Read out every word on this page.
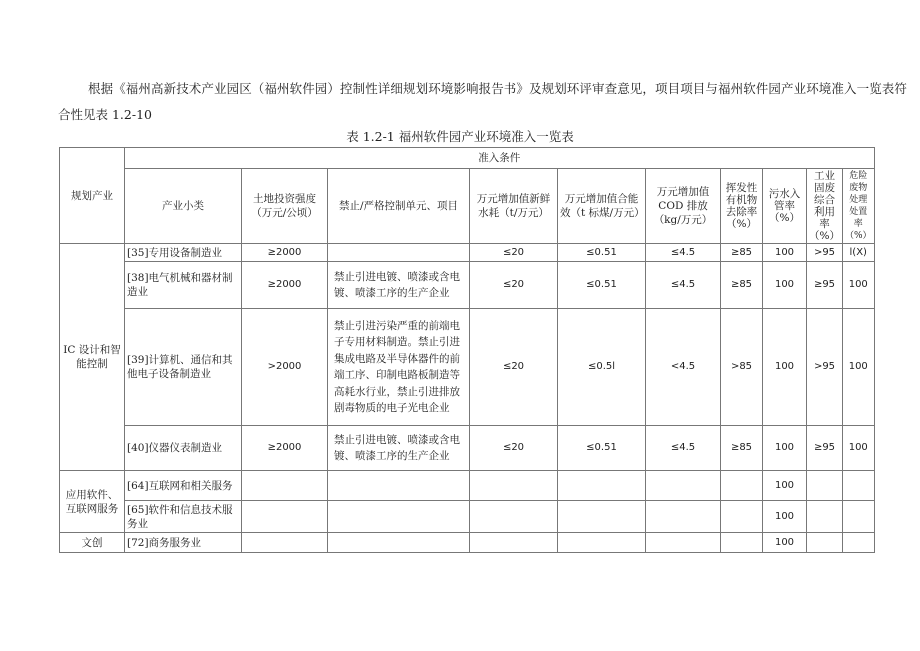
根据《福州高新技术产业园区（福州软件园）控制性详细规划环境影响报告书》及规划环评审查意见，项目项目与福州软件园产业环境准入一览表符
合性见表 1.2-10
表 1.2-1 福州软件园产业环境准入一览表
规划产业	准入条件									
	产业小类	土地投资强度（万元/公顷）	禁止/严格控制单元、项目	万元增加值新鲜水耗（t/万元）	万元增加值合能效（t 标煤/万元）	万元增加值COD 排放（kg/万元）	挥发性有机物去除率（%）	污水入管率（%）	工业固废综合利用率（%）	危险废物处理处置率（%）
IC 设计和智能控制	[35]专用设备制造业	≥2000		≤20	≤0.51	≤4.5	≥85	100	>95	l(X)
	[38]电气机械和器材制造业	≥2000	禁止引进电镀、喷漆或含电镀、喷漆工序的生产企业	≤20	≤0.51	≤4.5	≥85	100	≥95	100
	[39]计算机、通信和其他电子设备制造业	>2000	禁止引进污染严重的前端电子专用材料制造。禁止引进集成电路及半导体器件的前端工序、印制电路板制造等高耗水行业，禁止引进排放剧毒物质的电子光电企业	≤20	≤0.5l	<4.5	>85	100	>95	100
	[40]仪器仪表制造业	≥2000	禁止引进电镀、喷漆或含电镀、喷漆工序的生产企业	≤20	≤0.51	≤4.5	≥85	100	≥95	100
应用软件、互联网服务	[64]互联网和相关服务							100		
	[65]软件和信息技术服务业							100		
文创	[72]商务服务业							100		
